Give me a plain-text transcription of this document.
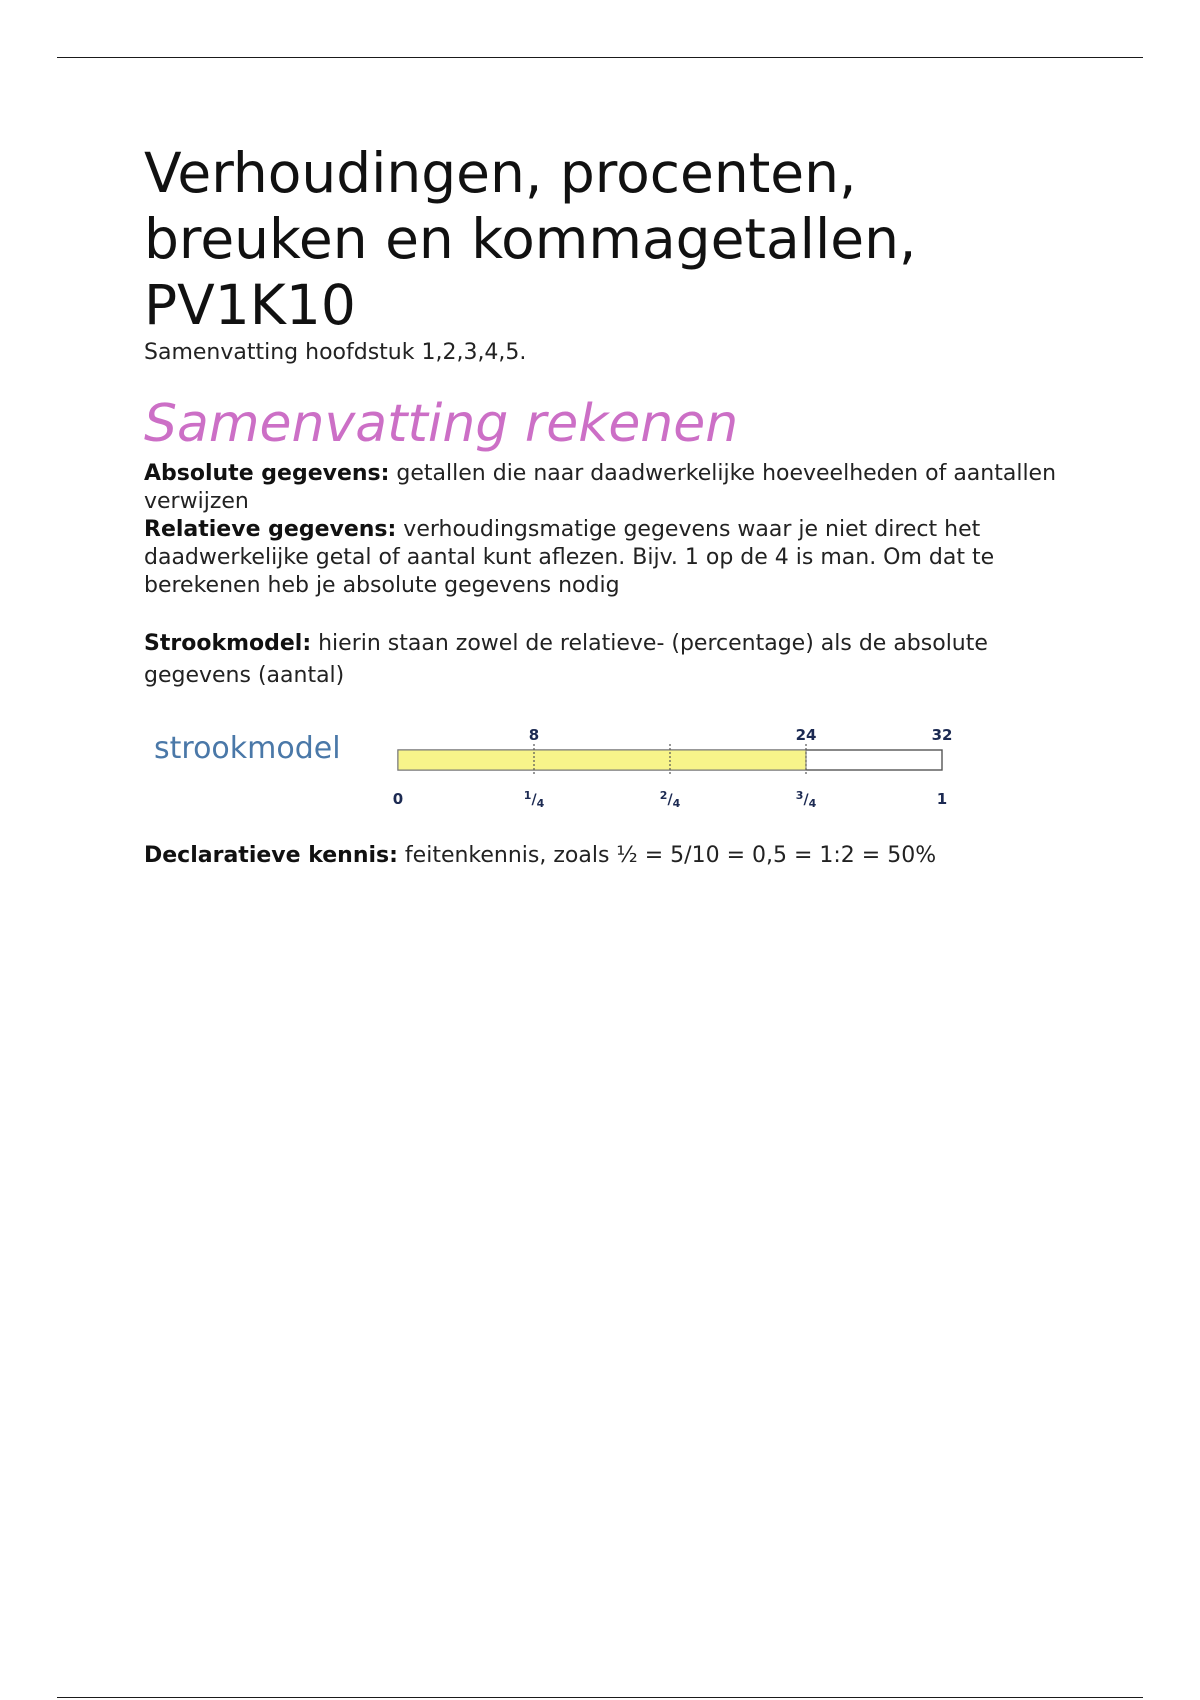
Verhoudingen, procenten,
breuken en kommagetallen,
PV1K10

Samenvatting hoofdstuk 1,2,3,4,5.

Samenvatting rekenen

Absolute gegevens: getallen die naar daadwerkelijke hoeveelheden of aantallen verwijzen

Relatieve gegevens: verhoudingsmatige gegevens waar je niet direct het daadwerkelijke getal of aantal kunt aflezen. Bijv. 1 op de 4 is man. Om dat te berekenen heb je absolute gegevens nodig

Strookmodel: hierin staan zowel de relatieve- (percentage) als de absolute gegevens (aantal)

strookmodel	8	24	32
0	$^1/_4$
$^2/_4$
$^3/_4$	1

Declaratieve kennis: feitenkennis, zoals ½ = 5/10 = 0,5 = 1:2 = 50%
